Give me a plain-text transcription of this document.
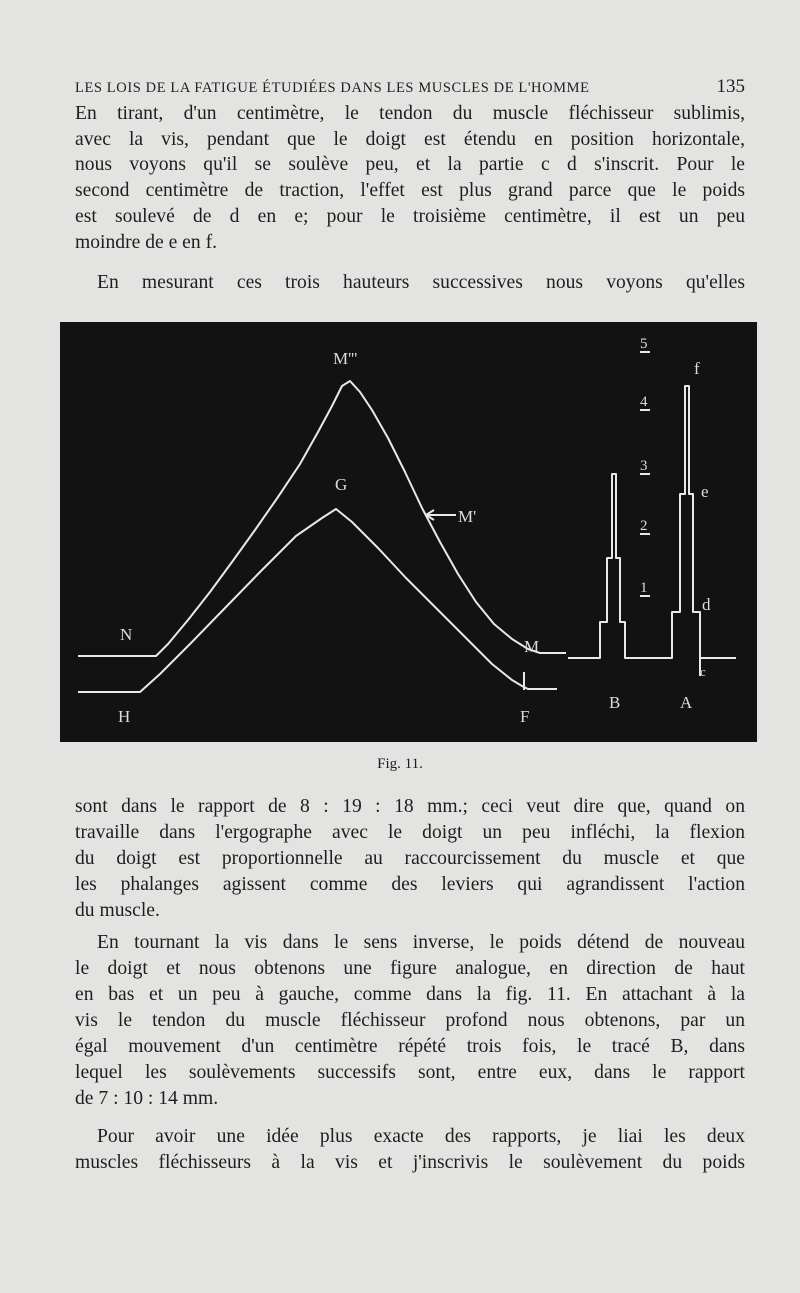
LES LOIS DE LA FATIGUE ÉTUDIÉES DANS LES MUSCLES DE L'HOMME	135

En tirant, d'un centimètre, le tendon du muscle fléchisseur sublimis,

avec la vis, pendant que le doigt est étendu en position horizontale,

nous voyons qu'il se soulève peu, et la partie c d s'inscrit. Pour le

second centimètre de traction, l'effet est plus grand parce que le poids

est soulevé de d en e; pour le troisième centimètre, il est un peu

moindre de e en f.

En mesurant ces trois hauteurs successives nous voyons qu'elles

M'''
G
M'
N
M
H	F
B	A
f
e
d
c
5
4
3
2
1
Fig. 11.

sont dans le rapport de 8 : 19 : 18 mm.; ceci veut dire que, quand on

travaille dans l'ergographe avec le doigt un peu infléchi, la flexion

du doigt est proportionnelle au raccourcissement du muscle et que

les phalanges agissent comme des leviers qui agrandissent l'action

du muscle.

En tournant la vis dans le sens inverse, le poids détend de nouveau

le doigt et nous obtenons une figure analogue, en direction de haut

en bas et un peu à gauche, comme dans la fig. 11. En attachant à la

vis le tendon du muscle fléchisseur profond nous obtenons, par un

égal mouvement d'un centimètre répété trois fois, le tracé B, dans

lequel les soulèvements successifs sont, entre eux, dans le rapport

de 7 : 10 : 14 mm.

Pour avoir une idée plus exacte des rapports, je liai les deux

muscles fléchisseurs à la vis et j'inscrivis le soulèvement du poids
